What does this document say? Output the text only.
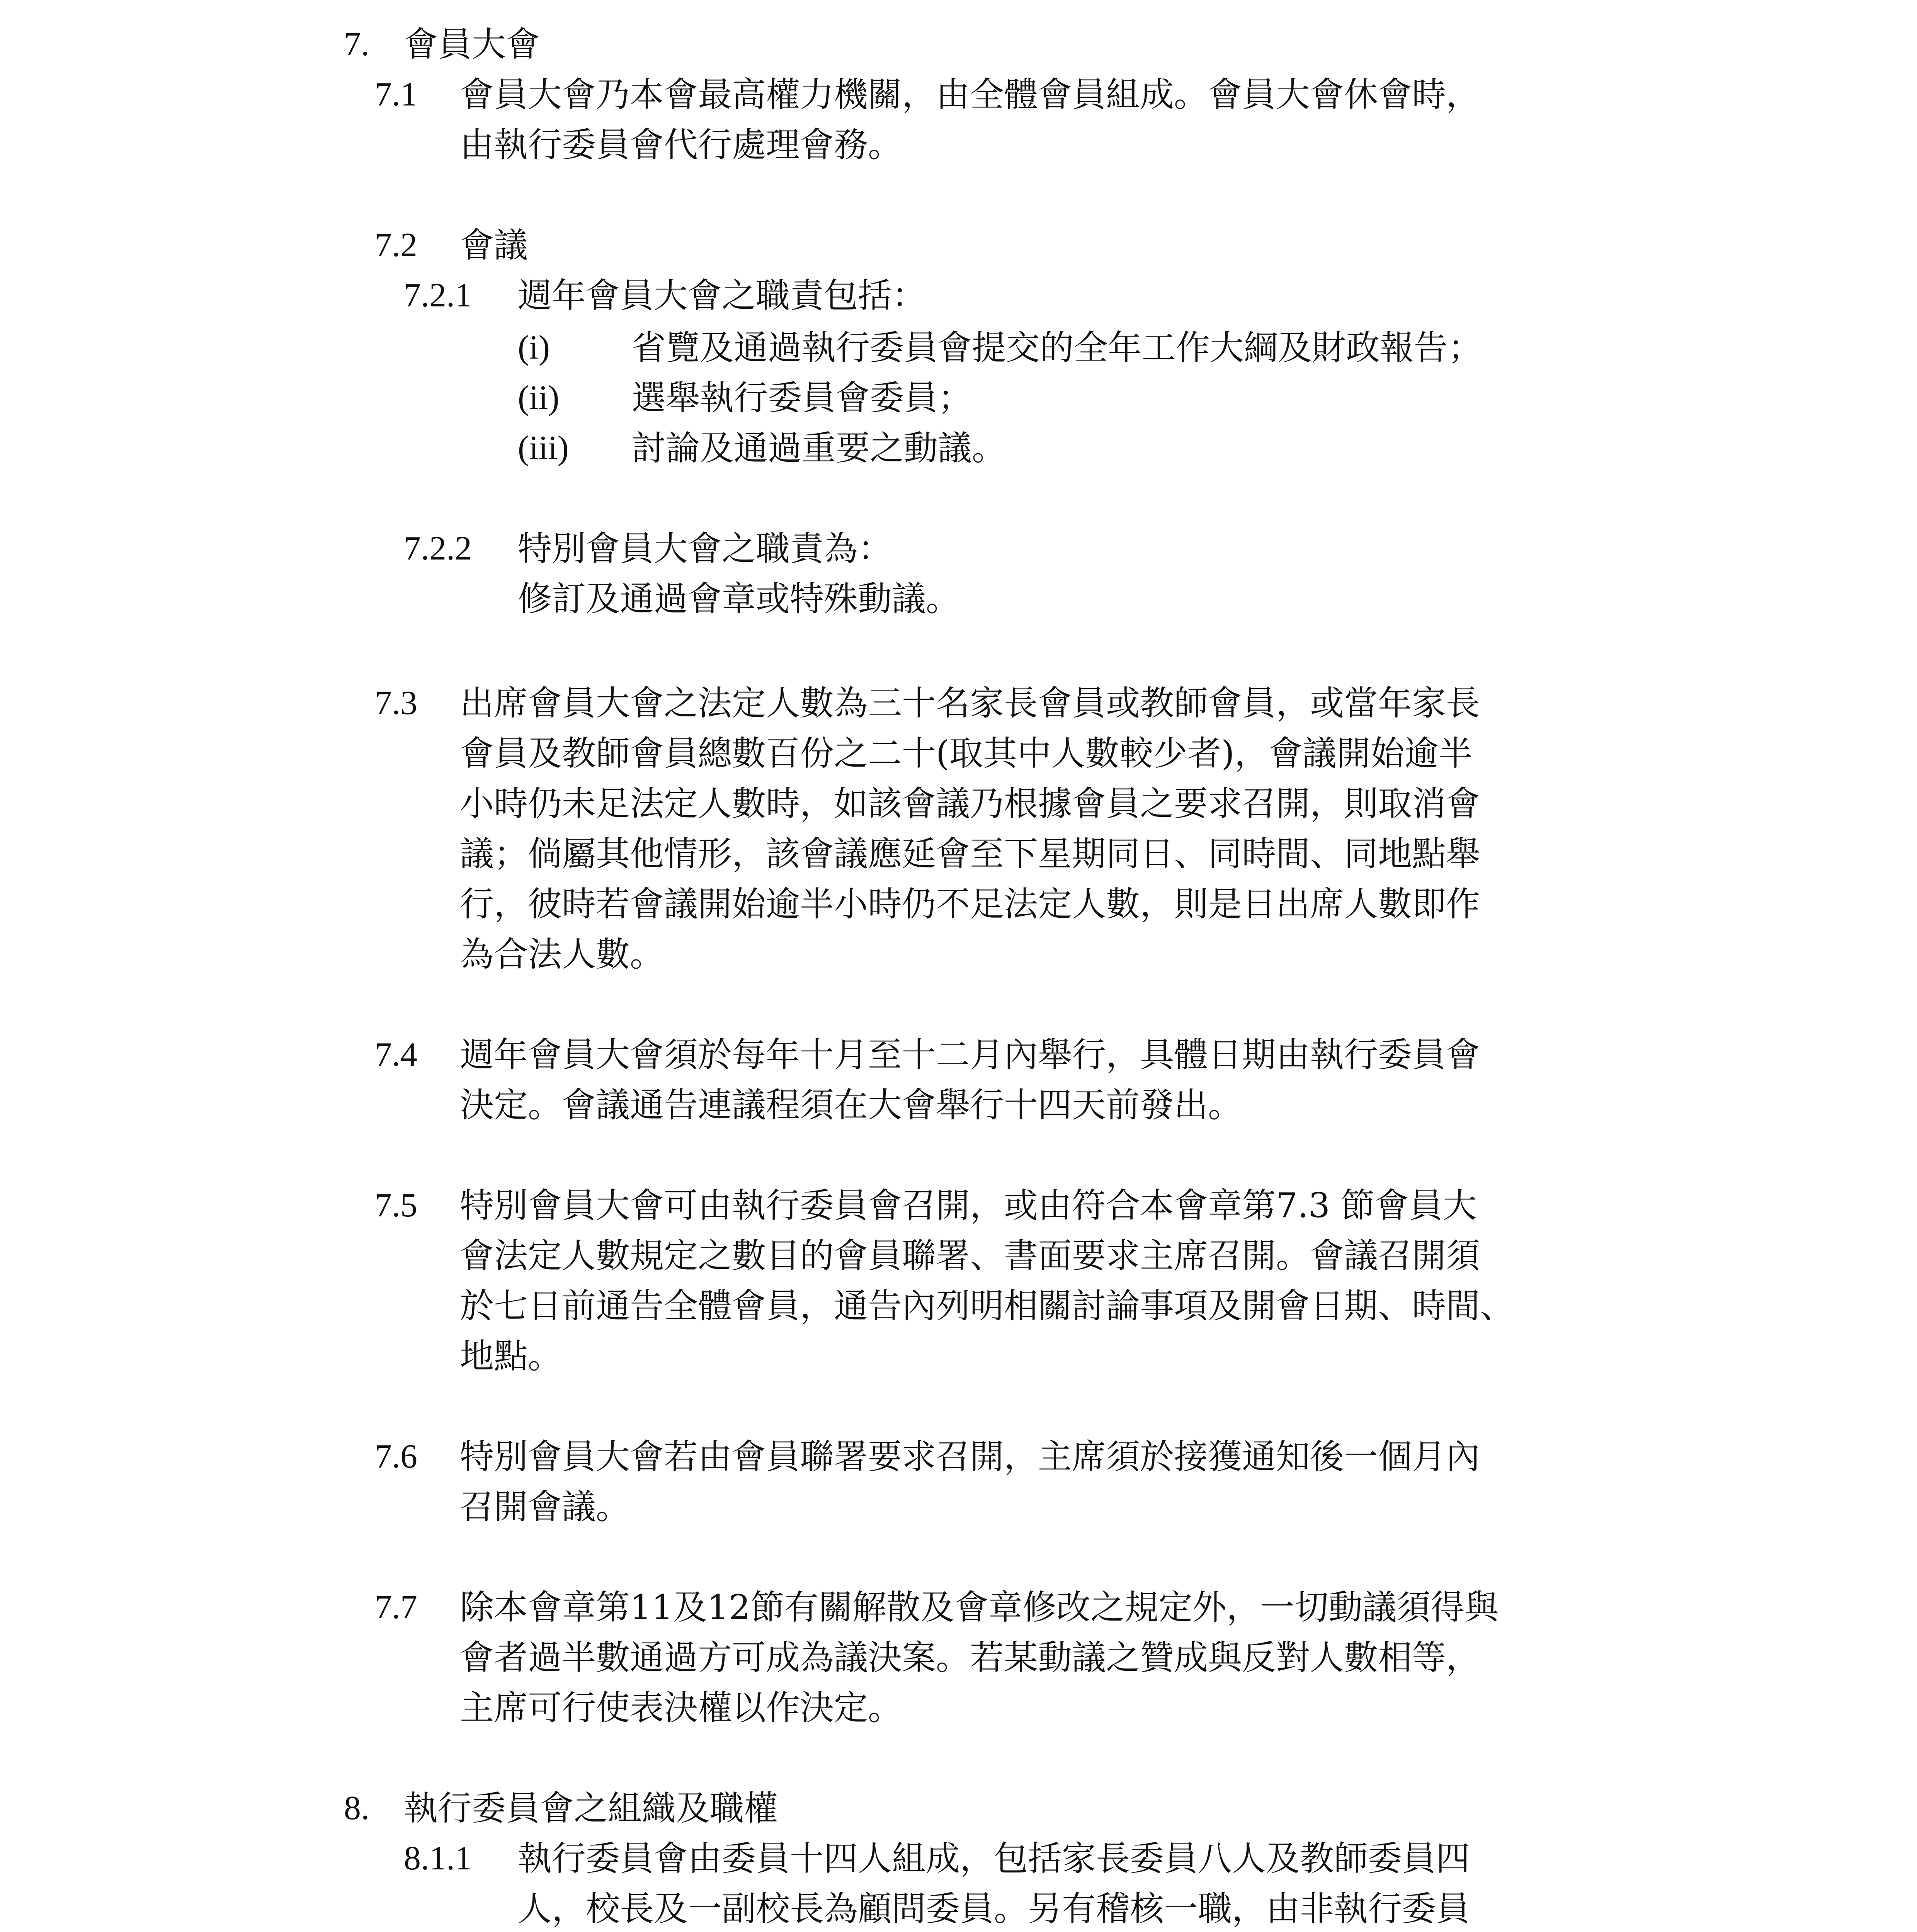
7. 會員大會
7.1 會員大會乃本會最高權力機關，由全體會員組成。會員大會休會時，
由執行委員會代行處理會務。
7.2 會議
7.2.1 週年會員大會之職責包括：
(i) 省覽及通過執行委員會提交的全年工作大綱及財政報告；
(ii) 選舉執行委員會委員；
(iii) 討論及通過重要之動議。
7.2.2 特別會員大會之職責為：
修訂及通過會章或特殊動議。
7.3 出席會員大會之法定人數為三十名家長會員或教師會員，或當年家長
會員及教師會員總數百份之二十(取其中人數較少者)，會議開始逾半
小時仍未足法定人數時，如該會議乃根據會員之要求召開，則取消會
議；倘屬其他情形，該會議應延會至下星期同日、同時間、同地點舉
行，彼時若會議開始逾半小時仍不足法定人數，則是日出席人數即作
為合法人數。
7.4 週年會員大會須於每年十月至十二月內舉行，具體日期由執行委員會
決定。會議通告連議程須在大會舉行十四天前發出。
7.5 特別會員大會可由執行委員會召開，或由符合本會章第7.3 節會員大
會法定人數規定之數目的會員聯署、書面要求主席召開。會議召開須
於七日前通告全體會員，通告內列明相關討論事項及開會日期、時間、
地點。
7.6 特別會員大會若由會員聯署要求召開，主席須於接獲通知後一個月內
召開會議。
7.7 除本會章第11及12節有關解散及會章修改之規定外，一切動議須得與
會者過半數通過方可成為議決案。若某動議之贊成與反對人數相等，
主席可行使表決權以作決定。
8. 執行委員會之組織及職權
8.1.1 執行委員會由委員十四人組成，包括家長委員八人及教師委員四
人，校長及一副校長為顧問委員。另有稽核一職，由非執行委員
